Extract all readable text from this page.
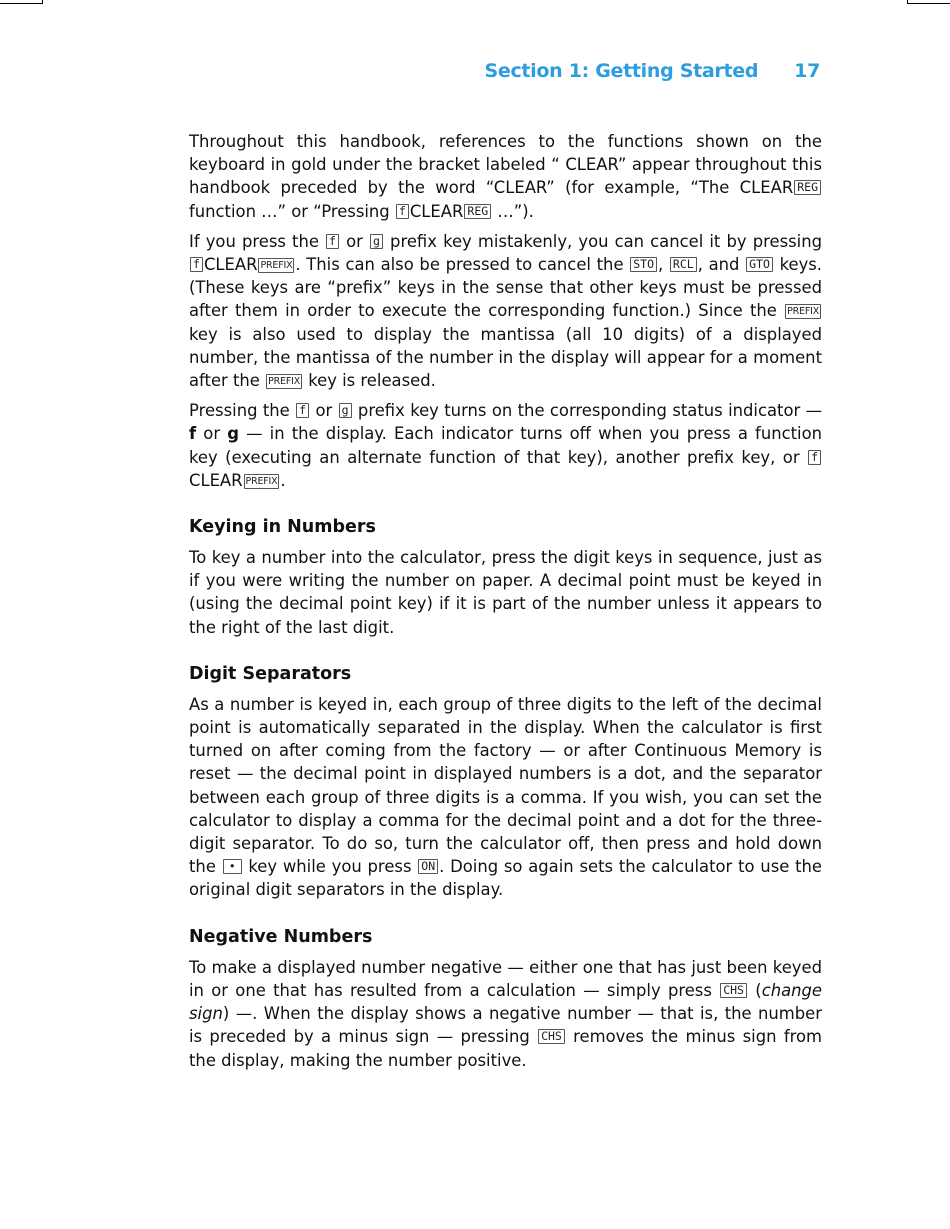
Section 1: Getting Started 17

Throughout this handbook, references to the functions shown on the keyboard in gold under the bracket labeled “ CLEAR” appear throughout this handbook preceded by the word “CLEAR” (for example, “The CLEAR REG function …” or “Pressing f CLEAR REG …”).

If you press the f or g prefix key mistakenly, you can cancel it by pressing f CLEAR PREFIX . This can also be pressed to cancel the STO , RCL , and GTO keys. (These keys are “prefix” keys in the sense that other keys must be pressed after them in order to execute the corresponding function.) Since the PREFIX key is also used to display the mantissa (all 10 digits) of a displayed number, the mantissa of the number in the display will appear for a moment after the PREFIX key is released.

Pressing the f or g prefix key turns on the corresponding status indicator — f or g — in the display. Each indicator turns off when you press a function key (executing an alternate function of that key), another prefix key, or fCLEAR PREFIX .

Keying in Numbers

To key a number into the calculator, press the digit keys in sequence, just as if you were writing the number on paper. A decimal point must be keyed in (using the decimal point key) if it is part of the number unless it appears to the right of the last digit.

Digit Separators

As a number is keyed in, each group of three digits to the left of the decimal point is automatically separated in the display. When the calculator is first turned on after coming from the factory — or after Continuous Memory is reset — the decimal point in displayed numbers is a dot, and the separator between each group of three digits is a comma. If you wish, you can set the calculator to display a comma for the decimal point and a dot for the three-digit separator. To do so, turn the calculator off, then press and hold down the • key while you press ON . Doing so again sets the calculator to use the original digit separators in the display.

Negative Numbers

To make a displayed number negative — either one that has just been keyed in or one that has resulted from a calculation — simply press CHS (change sign) —. When the display shows a negative number — that is, the number is preceded by a minus sign — pressing CHS removes the minus sign from the display, making the number positive.
